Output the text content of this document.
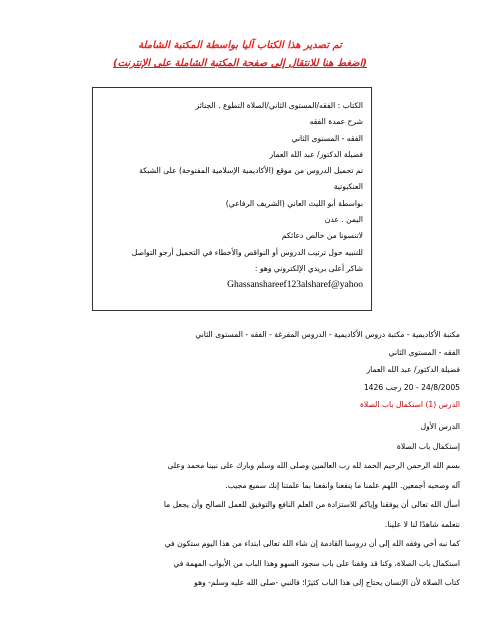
تم تصدير هذا الكتاب آليا بواسطة المكتبة الشاملة
(اضغط هنا للانتقال إلى صفحة المكتبة الشاملة على الإنترنت)
الكتاب : الفقه/المستوى الثاني/الصلاة التطوع . الجنائز
شرح عمدة الفقه
الفقه - المستوى الثاني
فضيلة الدكتور/ عبد الله العمار
تم تحميل الدروس من موقع (الأكاديمية الإسلامية المفتوحة) على الشبكة
العنكبوتية
بواسطة أبو الليث العاني (الشريف الرفاعي)
اليمن . عدن
لاتنسونا من خالص دعائكم
للتنبيه حول ترتيب الدروس أو النواقص والأخطاء في التحميل أرجو التواصل
شاكر أعلى بريدي الإلكتروني وهو :
Ghassanshareef123alsharef@yahoo
مكتبة الأكاديمية - مكتبة دروس الأكاديمية - الدروس المفرغة - الفقه - المستوى الثاني
الفقه - المستوى الثاني
فضيلة الدكتور/ عبد الله العمار
24/8/2005 - 20 رجب 1426
الدرس (1) استكمال باب الصلاة
الدرس الأول
إستكمال باب الصلاة
بسم الله الرحمن الرحيم الحمد لله رب العالمين وصلى الله وسلم وبارك على نبينا محمد وعلى
آله وصحبه أجمعين. اللهم علمنا ما ينفعنا وانفعنا بما علمتنا إنك سميع مجيب.
أسأل الله تعالى أن يوفقنا وإياكم للاستزادة من العلم النافع والتوفيق للعمل الصالح وأن يجعل ما
نتعلمه شاهدًا لنا لا علينا.
كما نبه أخي وفقه الله إلى أن دروسنا القادمة إن شاء الله تعالى ابتداء من هذا اليوم ستكون في
استكمال باب الصلاة، وكنا قد وقفنا على باب سجود السهو وهذا الباب من الأبواب المهمة في
كتاب الصلاة لأن الإنسان يحتاج إلى هذا الباب كثيرًا؛ فالنبي -صلى الله عليه وسلم- وهو
